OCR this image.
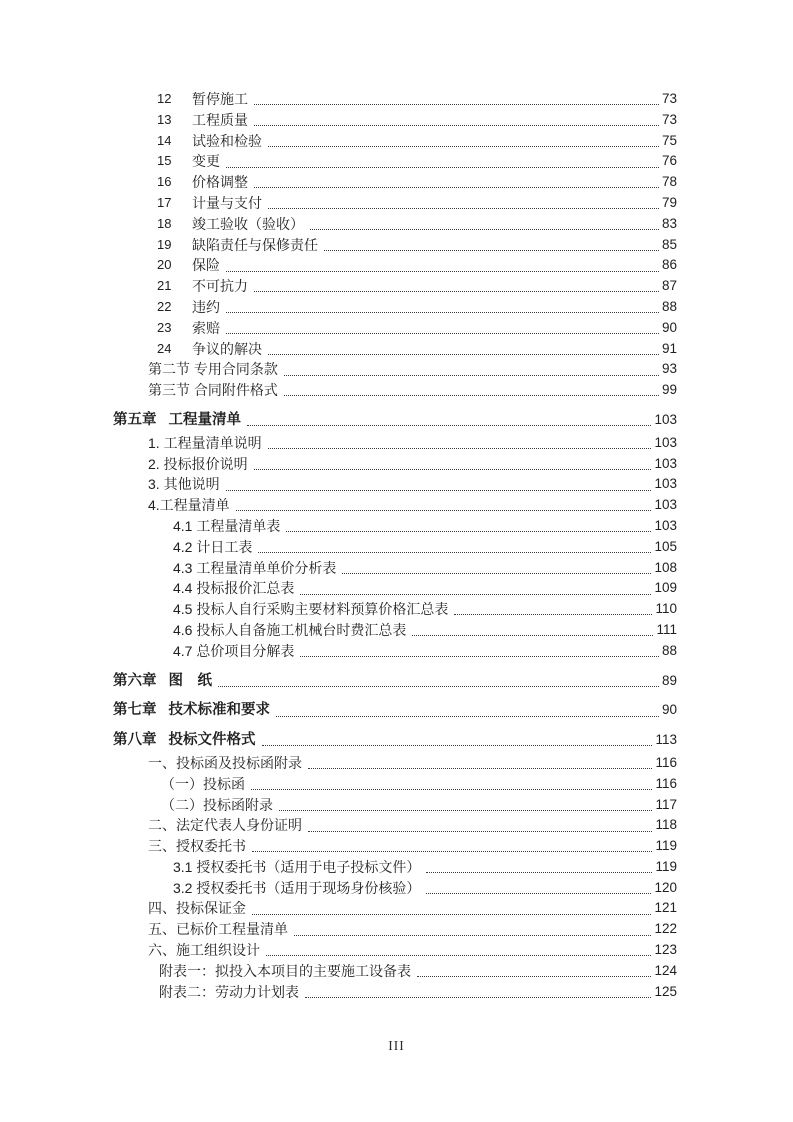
12	暂停施工	73
13	工程质量	73
14	试验和检验	75
15	变更	76
16	价格调整	78
17	计量与支付	79
18	竣工验收（验收）	83
19	缺陷责任与保修责任	85
20	保险	86
21	不可抗力	87
22	违约	88
23	索赔	90
24	争议的解决	91
第二节 专用合同条款	93
第三节 合同附件格式	99
第五章 工程量清单	103
1. 工程量清单说明	103
2. 投标报价说明	103
3. 其他说明	103
4.工程量清单	103
4.1 工程量清单表	103
4.2 计日工表	105
4.3 工程量清单单价分析表	108
4.4 投标报价汇总表	109
4.5 投标人自行采购主要材料预算价格汇总表	110
4.6 投标人自备施工机械台时费汇总表	111
4.7 总价项目分解表	88
第六章 图　纸	89
第七章 技术标准和要求	90
第八章 投标文件格式	113
一、投标函及投标函附录	116
（一）投标函	116
（二）投标函附录	117
二、法定代表人身份证明	118
三、授权委托书	119
3.1 授权委托书（适用于电子投标文件）	119
3.2 授权委托书（适用于现场身份核验）	120
四、投标保证金	121
五、已标价工程量清单	122
六、施工组织设计	123
附表一：拟投入本项目的主要施工设备表	124
附表二：劳动力计划表	125
III
